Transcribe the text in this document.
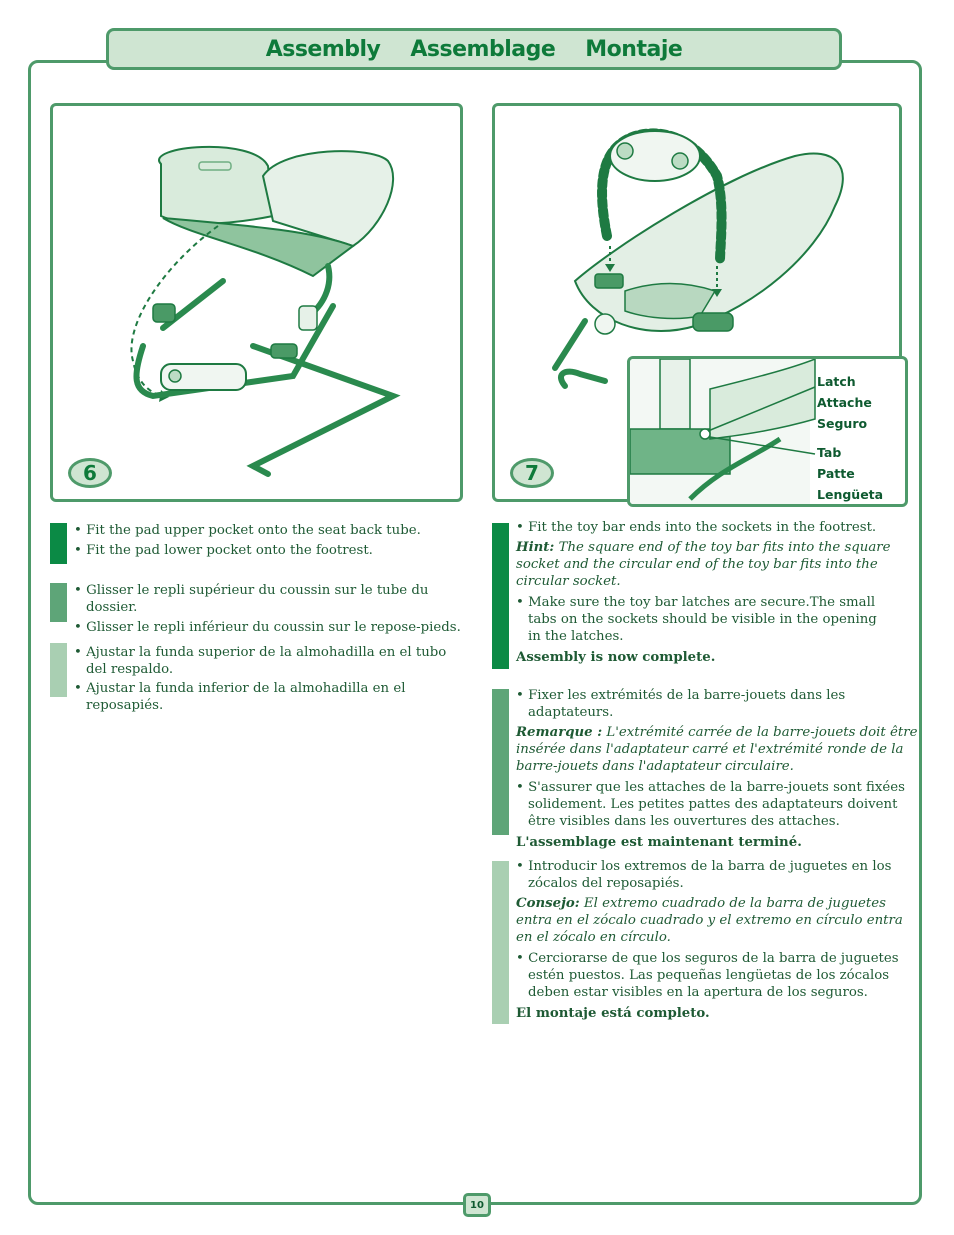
Assembly Assemblage Montaje
6	7
Latch
Attache
Seguro
Tab
Patte
Lengüeta

• Fit the pad upper pocket onto the seat back tube.

• Fit the pad lower pocket onto the footrest.

• Glisser le repli supérieur du coussin sur le tube du dossier.

• Glisser le repli inférieur du coussin sur le repose-pieds.

• Ajustar la funda superior de la almohadilla en el tubo del respaldo.

• Ajustar la funda inferior de la almohadilla en el reposapiés.

• Fit the toy bar ends into the sockets in the footrest.

Hint: The square end of the toy bar fits into the square socket and the circular end of the toy bar fits into the circular socket.

• Make sure the toy bar latches are secure.The small tabs on the sockets should be visible in the opening in the latches.

Assembly is now complete.

• Fixer les extrémités de la barre-jouets dans les adaptateurs.

Remarque : L'extrémité carrée de la barre-jouets doit être insérée dans l'adaptateur carré et l'extrémité ronde de la barre-jouets dans l'adaptateur circulaire.

• S'assurer que les attaches de la barre-jouets sont fixées solidement. Les petites pattes des adaptateurs doivent être visibles dans les ouvertures des attaches.

L'assemblage est maintenant terminé.

• Introducir los extremos de la barra de juguetes en los zócalos del reposapiés.

Consejo: El extremo cuadrado de la barra de juguetes entra en el zócalo cuadrado y el extremo en círculo entra en el zócalo en círculo.

• Cerciorarse de que los seguros de la barra de juguetes estén puestos. Las pequeñas lengüetas de los zócalos deben estar visibles en la apertura de los seguros.

El montaje está completo.

10
